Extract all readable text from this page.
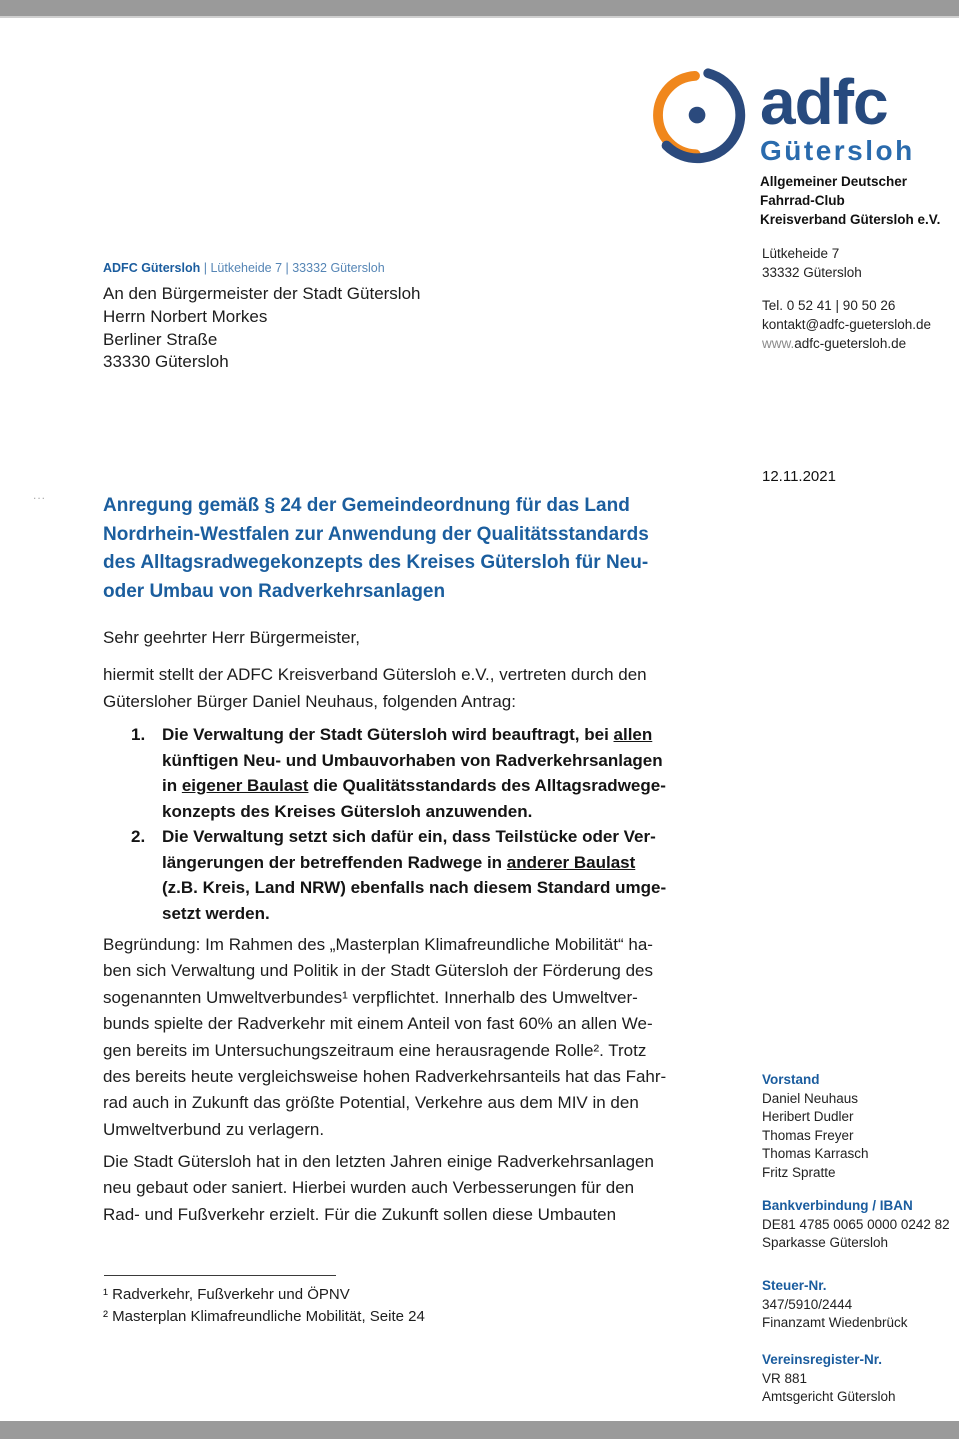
adfc
Gütersloh
Allgemeiner Deutscher
Fahrrad-Club
Kreisverband Gütersloh e.V.
Lütkeheide 7
33332 Gütersloh
Tel. 0 52 41 | 90 50 26
kontakt@adfc-guetersloh.de
www.adfc-guetersloh.de
ADFC Gütersloh | Lütkeheide 7 | 33332 Gütersloh
An den Bürgermeister der Stadt Gütersloh
Herrn Norbert Morkes
Berliner Straße
33330 Gütersloh
...
12.11.2021
Anregung gemäß § 24 der Gemeindeordnung für das Land
Nordrhein-Westfalen zur Anwendung der Qualitätsstandards
des Alltagsradwegekonzepts des Kreises Gütersloh für Neu-
oder Umbau von Radverkehrsanlagen
Sehr geehrter Herr Bürgermeister,
hiermit stellt der ADFC Kreisverband Gütersloh e.V., vertreten durch den
Gütersloher Bürger Daniel Neuhaus, folgenden Antrag:
1. Die Verwaltung der Stadt Gütersloh wird beauftragt, bei allen
künftigen Neu- und Umbauvorhaben von Radverkehrsanlagen
in eigener Baulast die Qualitätsstandards des Alltagsradwege-
konzepts des Kreises Gütersloh anzuwenden.
2. Die Verwaltung setzt sich dafür ein, dass Teilstücke oder Ver-
längerungen der betreffenden Radwege in anderer Baulast
(z.B. Kreis, Land NRW) ebenfalls nach diesem Standard umge-
setzt werden.
Begründung: Im Rahmen des „Masterplan Klimafreundliche Mobilität“ ha-
ben sich Verwaltung und Politik in der Stadt Gütersloh der Förderung des
sogenannten Umweltverbundes¹ verpflichtet. Innerhalb des Umweltver-
bunds spielte der Radverkehr mit einem Anteil von fast 60% an allen We-
gen bereits im Untersuchungszeitraum eine herausragende Rolle². Trotz
des bereits heute vergleichsweise hohen Radverkehrsanteils hat das Fahr-
rad auch in Zukunft das größte Potential, Verkehre aus dem MIV in den
Umweltverbund zu verlagern.
Die Stadt Gütersloh hat in den letzten Jahren einige Radverkehrsanlagen
neu gebaut oder saniert. Hierbei wurden auch Verbesserungen für den
Rad- und Fußverkehr erzielt. Für die Zukunft sollen diese Umbauten
¹ Radverkehr, Fußverkehr und ÖPNV
² Masterplan Klimafreundliche Mobilität, Seite 24
Vorstand
Daniel Neuhaus
Heribert Dudler
Thomas Freyer
Thomas Karrasch
Fritz Spratte
Bankverbindung / IBAN
DE81 4785 0065 0000 0242 82
Sparkasse Gütersloh
Steuer-Nr.
347/5910/2444
Finanzamt Wiedenbrück
Vereinsregister-Nr.
VR 881
Amtsgericht Gütersloh
